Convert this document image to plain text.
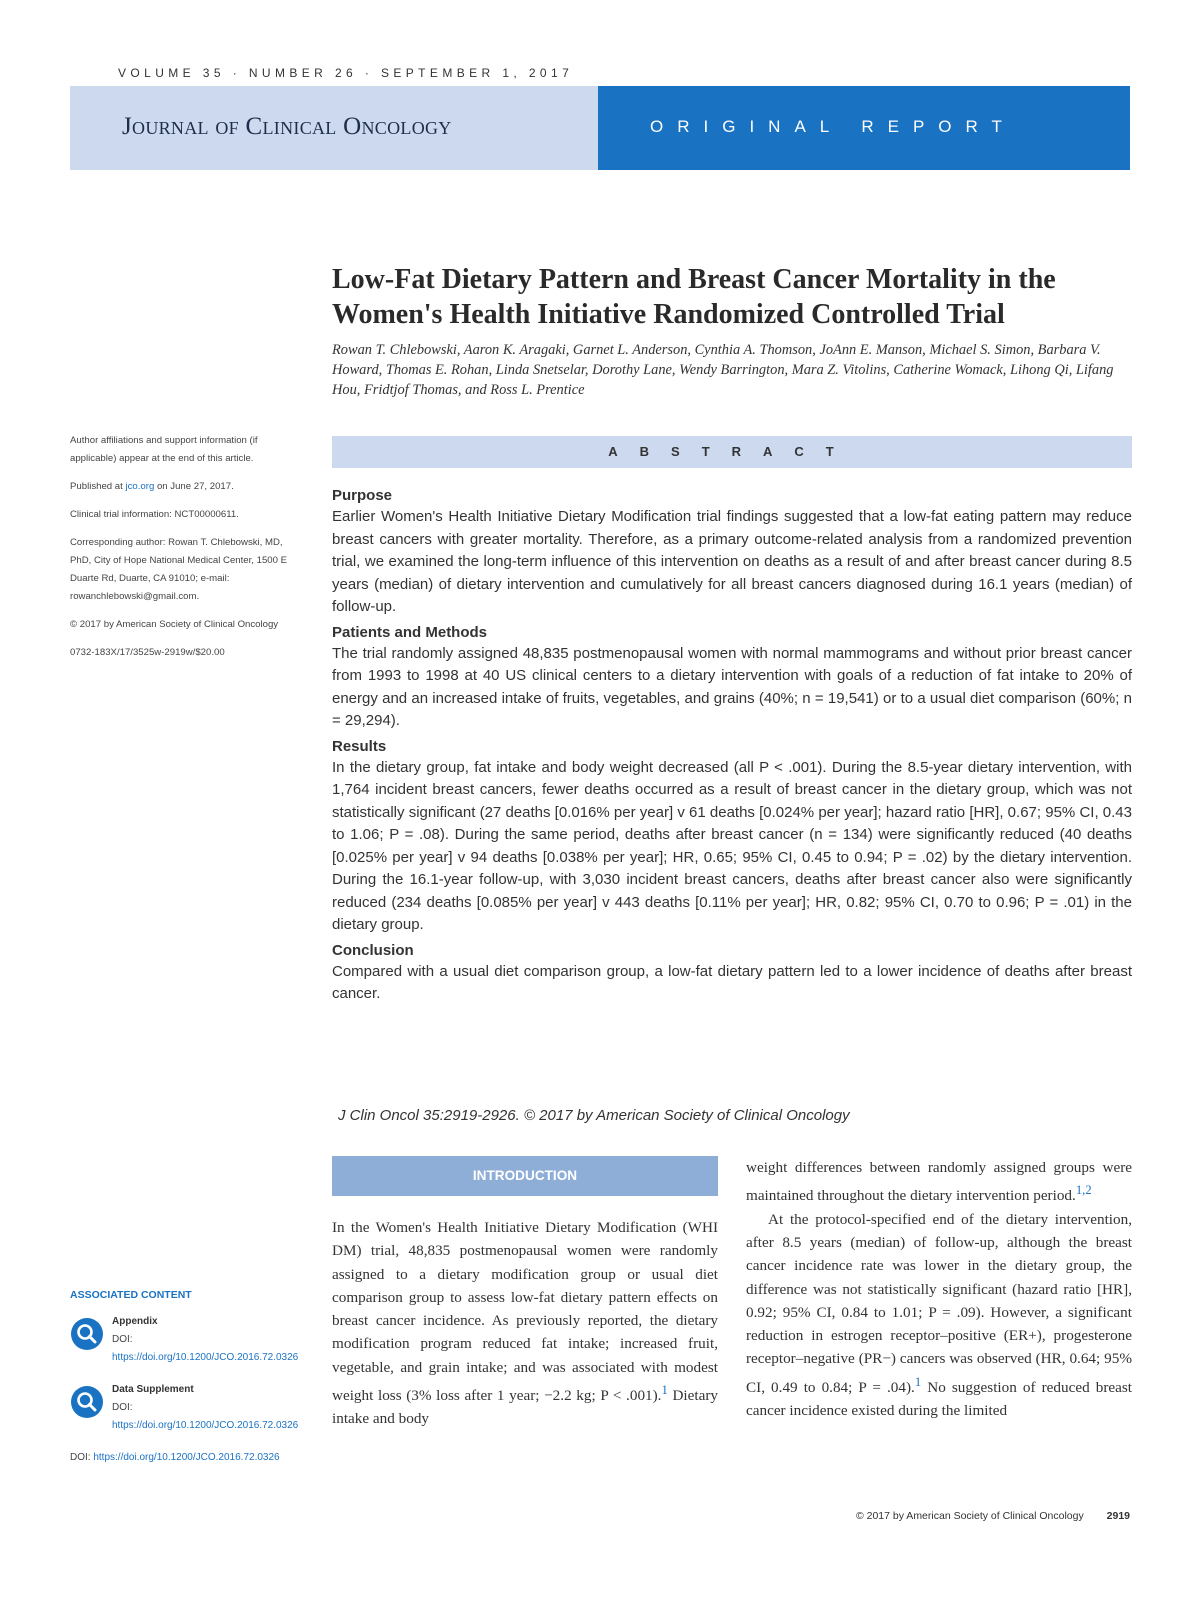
VOLUME 35 · NUMBER 26 · SEPTEMBER 1, 2017
Journal of Clinical Oncology	ORIGINAL REPORT
Low-Fat Dietary Pattern and Breast Cancer Mortality in the Women's Health Initiative Randomized Controlled Trial
Rowan T. Chlebowski, Aaron K. Aragaki, Garnet L. Anderson, Cynthia A. Thomson, JoAnn E. Manson, Michael S. Simon, Barbara V. Howard, Thomas E. Rohan, Linda Snetselar, Dorothy Lane, Wendy Barrington, Mara Z. Vitolins, Catherine Womack, Lihong Qi, Lifang Hou, Fridtjof Thomas, and Ross L. Prentice

Author affiliations and support information (if applicable) appear at the end of this article.

Published at jco.org on June 27, 2017.

Clinical trial information: NCT00000611.

Corresponding author: Rowan T. Chlebowski, MD, PhD, City of Hope National Medical Center, 1500 E Duarte Rd, Duarte, CA 91010; e-mail: rowanchlebowski@gmail.com.

© 2017 by American Society of Clinical Oncology

0732-183X/17/3525w-2919w/$20.00

ABSTRACT
Purpose

Earlier Women's Health Initiative Dietary Modification trial findings suggested that a low-fat eating pattern may reduce breast cancers with greater mortality. Therefore, as a primary outcome-related analysis from a randomized prevention trial, we examined the long-term influence of this intervention on deaths as a result of and after breast cancer during 8.5 years (median) of dietary intervention and cumulatively for all breast cancers diagnosed during 16.1 years (median) of follow-up.

Patients and Methods

The trial randomly assigned 48,835 postmenopausal women with normal mammograms and without prior breast cancer from 1993 to 1998 at 40 US clinical centers to a dietary intervention with goals of a reduction of fat intake to 20% of energy and an increased intake of fruits, vegetables, and grains (40%; n = 19,541) or to a usual diet comparison (60%; n = 29,294).

Results

In the dietary group, fat intake and body weight decreased (all P < .001). During the 8.5-year dietary intervention, with 1,764 incident breast cancers, fewer deaths occurred as a result of breast cancer in the dietary group, which was not statistically significant (27 deaths [0.016% per year] v 61 deaths [0.024% per year]; hazard ratio [HR], 0.67; 95% CI, 0.43 to 1.06; P = .08). During the same period, deaths after breast cancer (n = 134) were significantly reduced (40 deaths [0.025% per year] v 94 deaths [0.038% per year]; HR, 0.65; 95% CI, 0.45 to 0.94; P = .02) by the dietary intervention. During the 16.1-year follow-up, with 3,030 incident breast cancers, deaths after breast cancer also were significantly reduced (234 deaths [0.085% per year] v 443 deaths [0.11% per year]; HR, 0.82; 95% CI, 0.70 to 0.96; P = .01) in the dietary group.

Conclusion

Compared with a usual diet comparison group, a low-fat dietary pattern led to a lower incidence of deaths after breast cancer.

J Clin Oncol 35:2919-2926. © 2017 by American Society of Clinical Oncology
INTRODUCTION

In the Women's Health Initiative Dietary Modification (WHI DM) trial, 48,835 postmenopausal women were randomly assigned to a dietary modification group or usual diet comparison group to assess low-fat dietary pattern effects on breast cancer incidence. As previously reported, the dietary modification program reduced fat intake; increased fruit, vegetable, and grain intake; and was associated with modest weight loss (3% loss after 1 year; −2.2 kg; P < .001).$^1$ Dietary intake and body

weight differences between randomly assigned groups were maintained throughout the dietary intervention period.$^{1,2}$

At the protocol-specified end of the dietary intervention, after 8.5 years (median) of follow-up, although the breast cancer incidence rate was lower in the dietary group, the difference was not statistically significant (hazard ratio [HR], 0.92; 95% CI, 0.84 to 1.01; P = .09). However, a significant reduction in estrogen receptor–positive (ER+), progesterone receptor–negative (PR−) cancers was observed (HR, 0.64; 95% CI, 0.49 to 0.84; P = .04).$^1$ No suggestion of reduced breast cancer incidence existed during the limited

ASSOCIATED CONTENT
Appendix
DOI: https://doi.org/10.1200/JCO.2016.72.0326
Data Supplement
DOI: https://doi.org/10.1200/JCO.2016.72.0326
DOI: https://doi.org/10.1200/JCO.2016.72.0326
© 2017 by American Society of Clinical Oncology 2919
